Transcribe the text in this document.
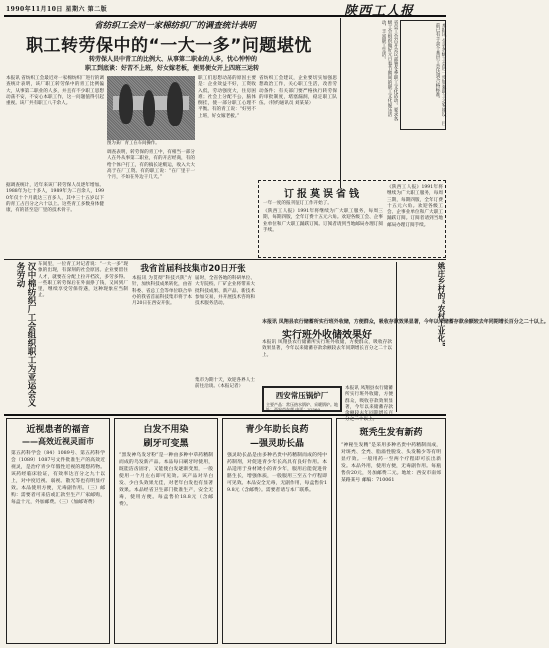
1990年11月10日 星期六 第二版	陕西工人报
省纺织工会对一家棉纺织厂的调查统计表明
职工转劳保中的“一大一多”问题堪忧
转劳保人员中青工的比例大、从事第二职业的人多，忧心忡忡的
职工到底谈：好苦不上班，好女嫁老板，便男便女开上四班三运转
本报讯 省纺织工会最近对一家棉纺织厂进行的调查统计表明，该厂职工转劳保中的青工比例偏大，从事第二职业的人多，并且有不少职工思想动荡不安，不安心本职工作，这一问题值得引起重视。该厂共有职工八千余人。
据调查统计，近年来该厂转劳保人员逐年增加。1988年为七十多人，1989年为二百余人，1990年仅十个月就达三百多人，其中三十五岁以下的青工占百分之六十以上。这些青工多数身体健康，有的甚至是厂里的技术骨干。
图为某厂青工在车间操作。
调查表明，转劳保的青工中，有相当一部分人在外从事第二职业，有的开店经商，有的给个体户打工，有的搞长途贩运，收入大大高于在厂工资。有的职工说：“在厂里干一个月，不如在外边干几天。”
职工们思想动荡的原因主要是：企业效益不好，工资收入低，劳动强度大，住房困难；社会上分配不公，脑体倒挂，使一部分职工心理不平衡。有的青工说：“好男不上班，好女嫁老板。”
省纺织工会建议，企业要切实加强思想政治工作，关心职工生活，改善劳动条件；有关部门要严格执行转劳保的审批制度，堵塞漏洞，稳定职工队伍。（特约通讯员 刘某某）	省总工会召开会议部署冬季职工文化活动。要求各级工会组织做好元旦春节期间的职工文化娱乐活动，丰富职工生活。	本报讯 全省各级工会进一步加强职工之家建设，目前已有千余个基层工会达到合格标准。
订报莫误省钱
一年一度的报刊征订工作开始了。
《陕西工人报》1991年将继续为广大职工服务，每周三期，每期四版，全年订费十五元六角。欢迎各级工会、企事业单位和广大职工踊跃订阅。订阅者请到当地邮局办理订阅手续。
《陕西工人报》1991年将继续为广大职工服务，每周三期，每期四版，全年订费十五元六角。欢迎各级工会、企事业单位和广大职工踊跃订阅。订阅者请到当地邮局办理订阅手续。
汉中棉纺织厂工会组织职工为亚运会义务劳动	车间里，一位青工对记者说：“一大一多”现象的出现，有深刻的社会原因。企业要留住人才，就要在分配上拉开档次，多劳多得。一些职工转劳保后在外面挣了钱，又回到厂里，继续享受劳保待遇，这种现象应当制止。
我省首届科技集市20日开张
本报讯 为贯彻“科技兴陕”方针，加快科技成果转化，由省科委、省总工会等单位联合举办的我省首届科技集市将于本月20日在西安开张。
届时，全省各地的科研单位、大专院校、厂矿企业将带来大批科技成果、新产品、新技术参加交易，并开展技术咨询和技术服务活动。
集市为期十天，欢迎各界人士前往洽谈。（本报记者）
本报讯 凤翔县农行储蓄所实行班外收储，方便群众，吸收存款效果显著，今年以来储蓄存款余额较去年同期增长百分之二十以上。
实行班外收储效果好
本报讯 凤翔县农行储蓄所实行班外收储，方便群众，吸收存款效果显著，今年以来储蓄存款余额较去年同期增长百分之二十以上。
西安常压锅炉厂
主要产品：常压热水锅炉、采暖锅炉。地址：西安市东郊 电话：32560
本报讯 凤翔县农行储蓄所实行班外收储，方便群众，吸收存款效果显著，今年以来储蓄存款余额较去年同期增长百分之二十以上。
姚庄乡村的“农村工业化”
近视患者的福音
——高效近视灵面市
第五药科学会（84）1089号、第五药科学会（1089）1087号文件批准生产的高效近视灵，是治疗青少年假性近视的理想药物。该药经临床验证，有效率达百分之九十以上，对中度近视、弱视、散光等也有明显疗效。本品使用方便，无毒副作用。（三）邮购：需要者可来信或汇款至生产厂家邮购，每盒十元，外加邮费。（三）（加邮寄费）
白发不用染
刷牙可变黑
“黑发神乌发牙粉”是一种由多种中草药精制而成的乌发新产品。本品每日刷牙时使用，既能洁齿固牙，又能使白发逐渐变黑，一般使用一个月左右即可见效。该产品对早白发、少白头效果尤佳，对老年白发也有显著效果。本品经省卫生部门批准生产，安全无毒，使用方便。每盒售价18.8元（含邮费）。
青少年助长良药
—强灵助长晶
强灵助长晶是由多种名贵中药精制而成的纯中药制剂，对促进青少年长高具有良好作用。本品适用于身材矮小的青少年，服用后能促进骨骼生长，增强体质，一般服用三至五个疗程即可见效。本品安全无毒，无副作用，每盒售价19.8元（含邮费）。需要者请与本厂联系。
斑秃生发有新药
“神秘生发精”是采用多种名贵中药精制而成，对斑秃、全秃、脂溢性脱发、头发稀少等有明显疗效。一般用药一至两个疗程即可长出新发。本品外用，使用方便，无毒副作用。每瓶售价20元，另加邮费二元。地址：西安市南郊某路某号 邮编：710061
